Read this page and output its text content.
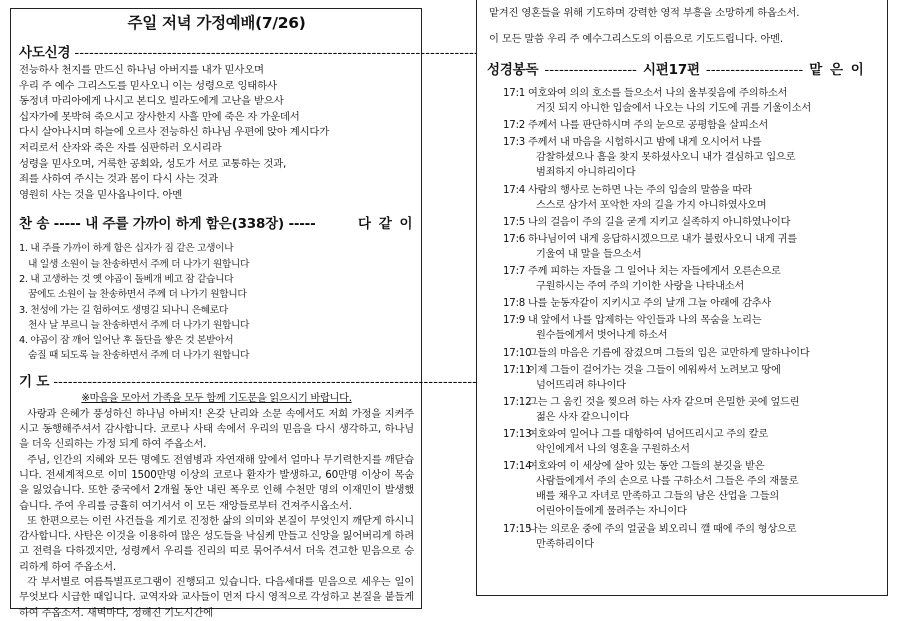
주일 저녁 가정예배(7/26)
사도신경
-----
전능하사 천지를 만드신 하나님 아버지를 내가 믿사오며
우리 주 예수 그리스도를 믿사오니 이는 성령으로 잉태하사
동정녀 마리아에게 나시고 본디오 빌라도에게 고난을 받으사
십자가에 못박혀 죽으시고 장사한지 사흘 만에 죽은 자 가운데서
다시 살아나시며 하늘에 오르사 전능하신 하나님 우편에 앉아 계시다가
저리로서 산자와 죽은 자를 심판하러 오시리라
성령을 믿사오며, 거룩한 공회와, 성도가 서로 교통하는 것과,
죄를 사하여 주시는 것과 몸이 다시 사는 것과
영원히 사는 것을 믿사옵나이다. 아멘
찬 송 ----- 내 주를 가까이 하게 함은(338장) -----	다 같 이
1. 내 주를 가까이 하게 함은 십자가 짐 같은 고생이나
내 일생 소원이 늘 찬송하면서 주께 더 나가기 원합니다
2. 내 고생하는 것 옛 야곱이 돌베개 베고 잠 같습니다
꿈에도 소원이 늘 찬송하면서 주께 더 나가기 원합니다
3. 천성에 가는 길 험하여도 생명길 되나니 은혜로다
천사 날 부르니 늘 찬송하면서 주께 더 나가기 원합니다
4. 야곱이 잠 깨어 일어난 후 돌단을 쌓은 것 본받아서
숨질 때 되도록 늘 찬송하면서 주께 더 나가기 원합니다
기 도
-----
※마음을 모아서 가족을 모두 함께 기도문을 읽으시기 바랍니다.

사랑과 은혜가 풍성하신 하나님 아버지! 온갖 난리와 소문 속에서도 저희 가정을 지켜주시고 동행해주셔서 감사합니다. 코로나 사태 속에서 우리의 믿음을 다시 생각하고, 하나님을 더욱 신뢰하는 가정 되게 하여 주옵소서.

주님, 인간의 지혜와 모든 명예도 전염병과 자연재해 앞에서 얼마나 무기력한지를 깨닫습니다. 전세계적으로 이미 1500만명 이상의 코로나 환자가 발생하고, 60만명 이상이 목숨을 잃었습니다. 또한 중국에서 2개월 동안 내린 폭우로 인해 수천만 명의 이재민이 발생했습니다. 주여 우리를 긍휼히 여기셔서 이 모든 재앙들로부터 건져주시옵소서.

또 한편으로는 이런 사건들을 계기로 진정한 삶의 의미와 본질이 무엇인지 깨닫게 하시니 감사합니다. 사탄은 이것을 이용하여 많은 성도들을 낙심케 만들고 신앙을 잃어버리게 하려고 전력을 다하겠지만, 성령께서 우리를 진리의 띠로 묶어주셔서 더욱 견고한 믿음으로 승리하게 하여 주옵소서.

각 부서별로 여름특별프로그램이 진행되고 있습니다. 다음세대를 믿음으로 세우는 일이 무엇보다 시급한 때입니다. 교역자와 교사들이 먼저 다시 영적으로 각성하고 본질을 붙들게 하여 주옵소서. 새벽마다, 정해진 기도시간에

맡겨진 영혼들을 위해 기도하며 강력한 영적 부흥을 소망하게 하옵소서.

이 모든 말씀 우리 주 예수그리스도의 이름으로 기도드립니다. 아멘.

성경봉독 ------------------- 시편17편 -------------------- 맡 은 이
17:1 여호와여 의의 호소를 들으소서 나의 울부짖음에 주의하소서
거짓 되지 아니한 입술에서 나오는 나의 기도에 귀를 기울이소서
17:2 주께서 나를 판단하시며 주의 눈으로 공평함을 살피소서
17:3 주께서 내 마음을 시험하시고 밤에 내게 오시어서 나를
감찰하셨으나 흠을 찾지 못하셨사오니 내가 결심하고 입으로
범죄하지 아니하리이다
17:4 사람의 행사로 논하면 나는 주의 입술의 말씀을 따라
스스로 삼가서 포악한 자의 길을 가지 아니하였사오며
17:5 나의 걸음이 주의 길을 굳게 지키고 실족하지 아니하였나이다
17:6 하나님이여 내게 응답하시겠으므로 내가 불렀사오니 내게 귀를
기울여 내 말을 들으소서
17:7 주께 피하는 자들을 그 일어나 치는 자들에게서 오른손으로
구원하시는 주여 주의 기이한 사랑을 나타내소서
17:8 나를 눈동자같이 지키시고 주의 날개 그늘 아래에 감추사
17:9 내 앞에서 나를 압제하는 악인들과 나의 목숨을 노리는
원수들에게서 벗어나게 하소서
17:10
그들의 마음은 기름에 잠겼으며 그들의 입은 교만하게 말하나이다
17:11
이제 그들이 걸어가는 것을 그들이 에워싸서 노려보고 땅에
넘어뜨리려 하나이다
17:12
그는 그 움킨 것을 찢으려 하는 사자 같으며 은밀한 곳에 엎드린
젊은 사자 같으니이다
17:13
여호와여 일어나 그를 대항하여 넘어뜨리시고 주의 칼로
악인에게서 나의 영혼을 구원하소서
17:14
여호와여 이 세상에 살아 있는 동안 그들의 분깃을 받은
사람들에게서 주의 손으로 나를 구하소서 그들은 주의 재물로
배를 채우고 자녀로 만족하고 그들의 남은 산업을 그들의
어린아이들에게 물려주는 자니이다
17:15
나는 의로운 중에 주의 얼굴을 뵈오리니 깰 때에 주의 형상으로
만족하리이다
